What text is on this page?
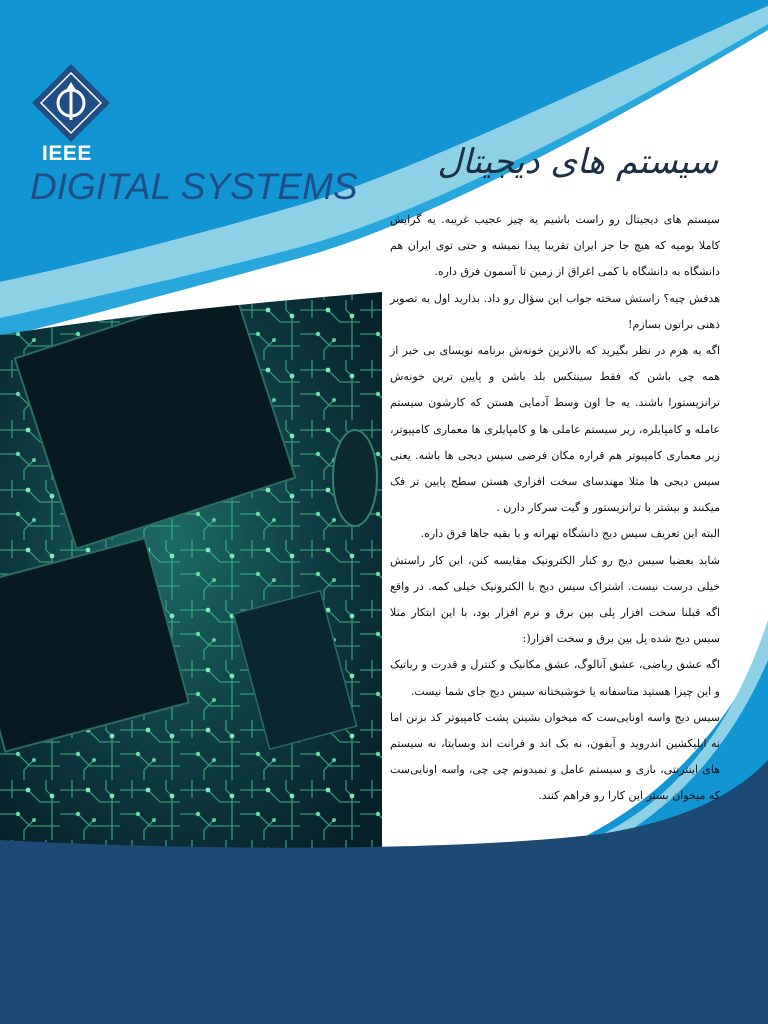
IEEE
DIGITAL SYSTEMS
سیستم های دیجیتال

سیستم های دیجیتال رو راست باشیم یه چیز عجیب غریبه. یه گرایش کاملا بومیه که هیچ جا جز ایران تقریبا پیدا نمیشه و حتی توی ایران هم دانشگاه به دانشگاه با کمی اغراق از زمین تا آسمون فرق داره.

هدفش چیه؟ راستش سخته جواب این سؤال رو داد. بذارید اول یه تصویر ذهنی براتون بسازم!

اگه یه هرم در نظر بگیرید که بالاترین خونه‌ش برنامه نویسای بی خبر از همه چی باشن که فقط سینتکس بلد باشن و پایین ترین خونه‌ش ترانزیستورا باشند. یه جا اون وسط آدمایی هستن که کارشون سیستم عامله و کامپایلره، زیر سیستم عاملی ها و کامپایلری ها معماری کامپیوتر، زیر معماری کامپیوتر هم قراره مکان فرضی سیس دیجی ها باشه. یعنی سیس دیجی ها مثلا مهندسای سخت افزاری هستن سطح پایین تر فک میکنند و بیشتر با ترانزیستور و گیت سرکار دارن .

البته این تعریف سیس دیج دانشگاه تهرانه و با بقیه جاها فرق داره.

شاید بعضیا سیس دیج رو کنار الکترونیک مقایسه کنن، این کار راستش خیلی درست نیست. اشتراک سیس دیج با الکترونیک خیلی کمه. در واقع اگه قبلنا سخت افزار پلی بین برق و نرم افزار بود، با این ابتکار مثلا سیس دیج شده پل بین برق و سخت افزار(:

اگه عشق ریاضی، عشق آنالوگ، عشق مکانیک و کنترل و قدرت و رباتیک و این چیزا هستید متاسفانه یا خوشبختانه سیس دیج جای شما نیست.

سیس دیج واسه اونایی‌ست که میخوان بشینن پشت کامپیوتر کد بزنن اما نه اپلیکشین اندروید و آیفون، نه بک اند و فرانت اند وبسایتا، نه سیستم های اینترنتی، بازی و سیستم عامل و نمیدونم چی چی، واسه اونایی‌ست که میخوان بستر این کارا رو فراهم کنند.
